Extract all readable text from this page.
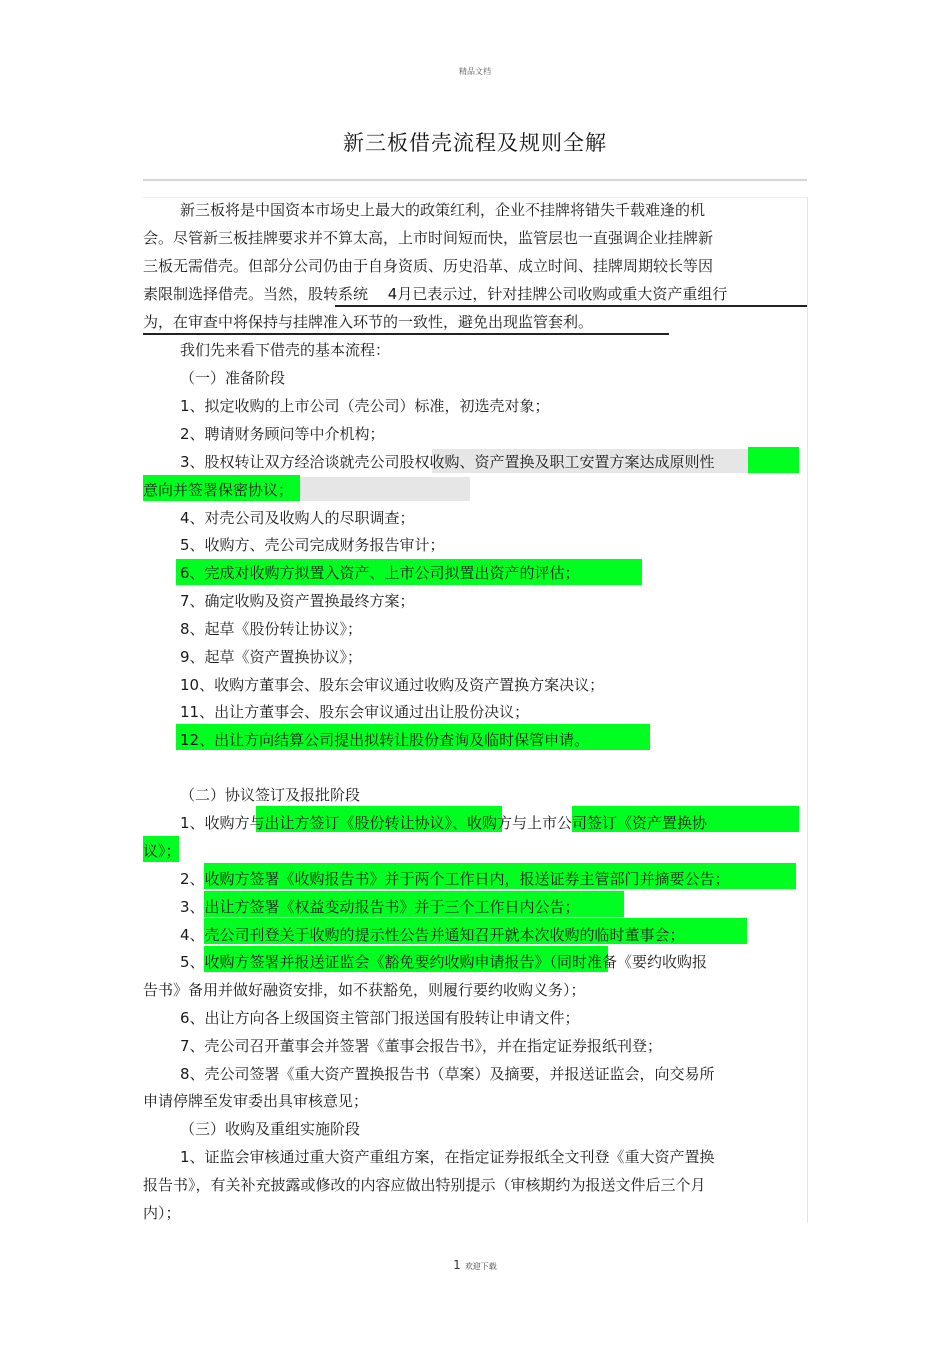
精品文档
新三板借壳流程及规则全解
新三板将是中国资本市场史上最大的政策红利，企业不挂牌将错失千载难逢的机
会。尽管新三板挂牌要求并不算太高，上市时间短而快，监管层也一直强调企业挂牌新
三板无需借壳。但部分公司仍由于自身资质、历史沿革、成立时间、挂牌周期较长等因
素限制选择借壳。当然，股转系统 　4月已表示过，针对挂牌公司收购或重大资产重组行
为，在审查中将保持与挂牌准入环节的一致性，避免出现监管套利。
我们先来看下借壳的基本流程：
（一）准备阶段
1、拟定收购的上市公司（壳公司）标准，初选壳对象；
2、聘请财务顾问等中介机构；
3、股权转让双方经洽谈就壳公司股权收购、资产置换及职工安置方案达成原则性
意向并签署保密协议；
4、对壳公司及收购人的尽职调查；
5、收购方、壳公司完成财务报告审计；
6、完成对收购方拟置入资产、上市公司拟置出资产的评估；
7、确定收购及资产置换最终方案；
8、起草《股份转让协议》；
9、起草《资产置换协议》；
10、收购方董事会、股东会审议通过收购及资产置换方案决议；
11、出让方董事会、股东会审议通过出让股份决议；
12、出让方向结算公司提出拟转让股份查询及临时保管申请。
（二）协议签订及报批阶段
1、收购方与出让方签订《股份转让协议》、收购方与上市公司签订《资产置换协
议》；
2、收购方签署《收购报告书》并于两个工作日内，报送证券主管部门并摘要公告；
3、出让方签署《权益变动报告书》并于三个工作日内公告；
4、壳公司刊登关于收购的提示性公告并通知召开就本次收购的临时董事会；
5、收购方签署并报送证监会《豁免要约收购申请报告》（同时准备《要约收购报
告书》备用并做好融资安排，如不获豁免，则履行要约收购义务）；
6、出让方向各上级国资主管部门报送国有股转让申请文件；
7、壳公司召开董事会并签署《董事会报告书》，并在指定证券报纸刊登；
8、壳公司签署《重大资产置换报告书（草案）及摘要，并报送证监会，向交易所
申请停牌至发审委出具审核意见；
（三）收购及重组实施阶段
1、证监会审核通过重大资产重组方案，在指定证券报纸全文刊登《重大资产置换
报告书》，有关补充披露或修改的内容应做出特别提示（审核期约为报送文件后三个月
内）；
1 欢迎下载
